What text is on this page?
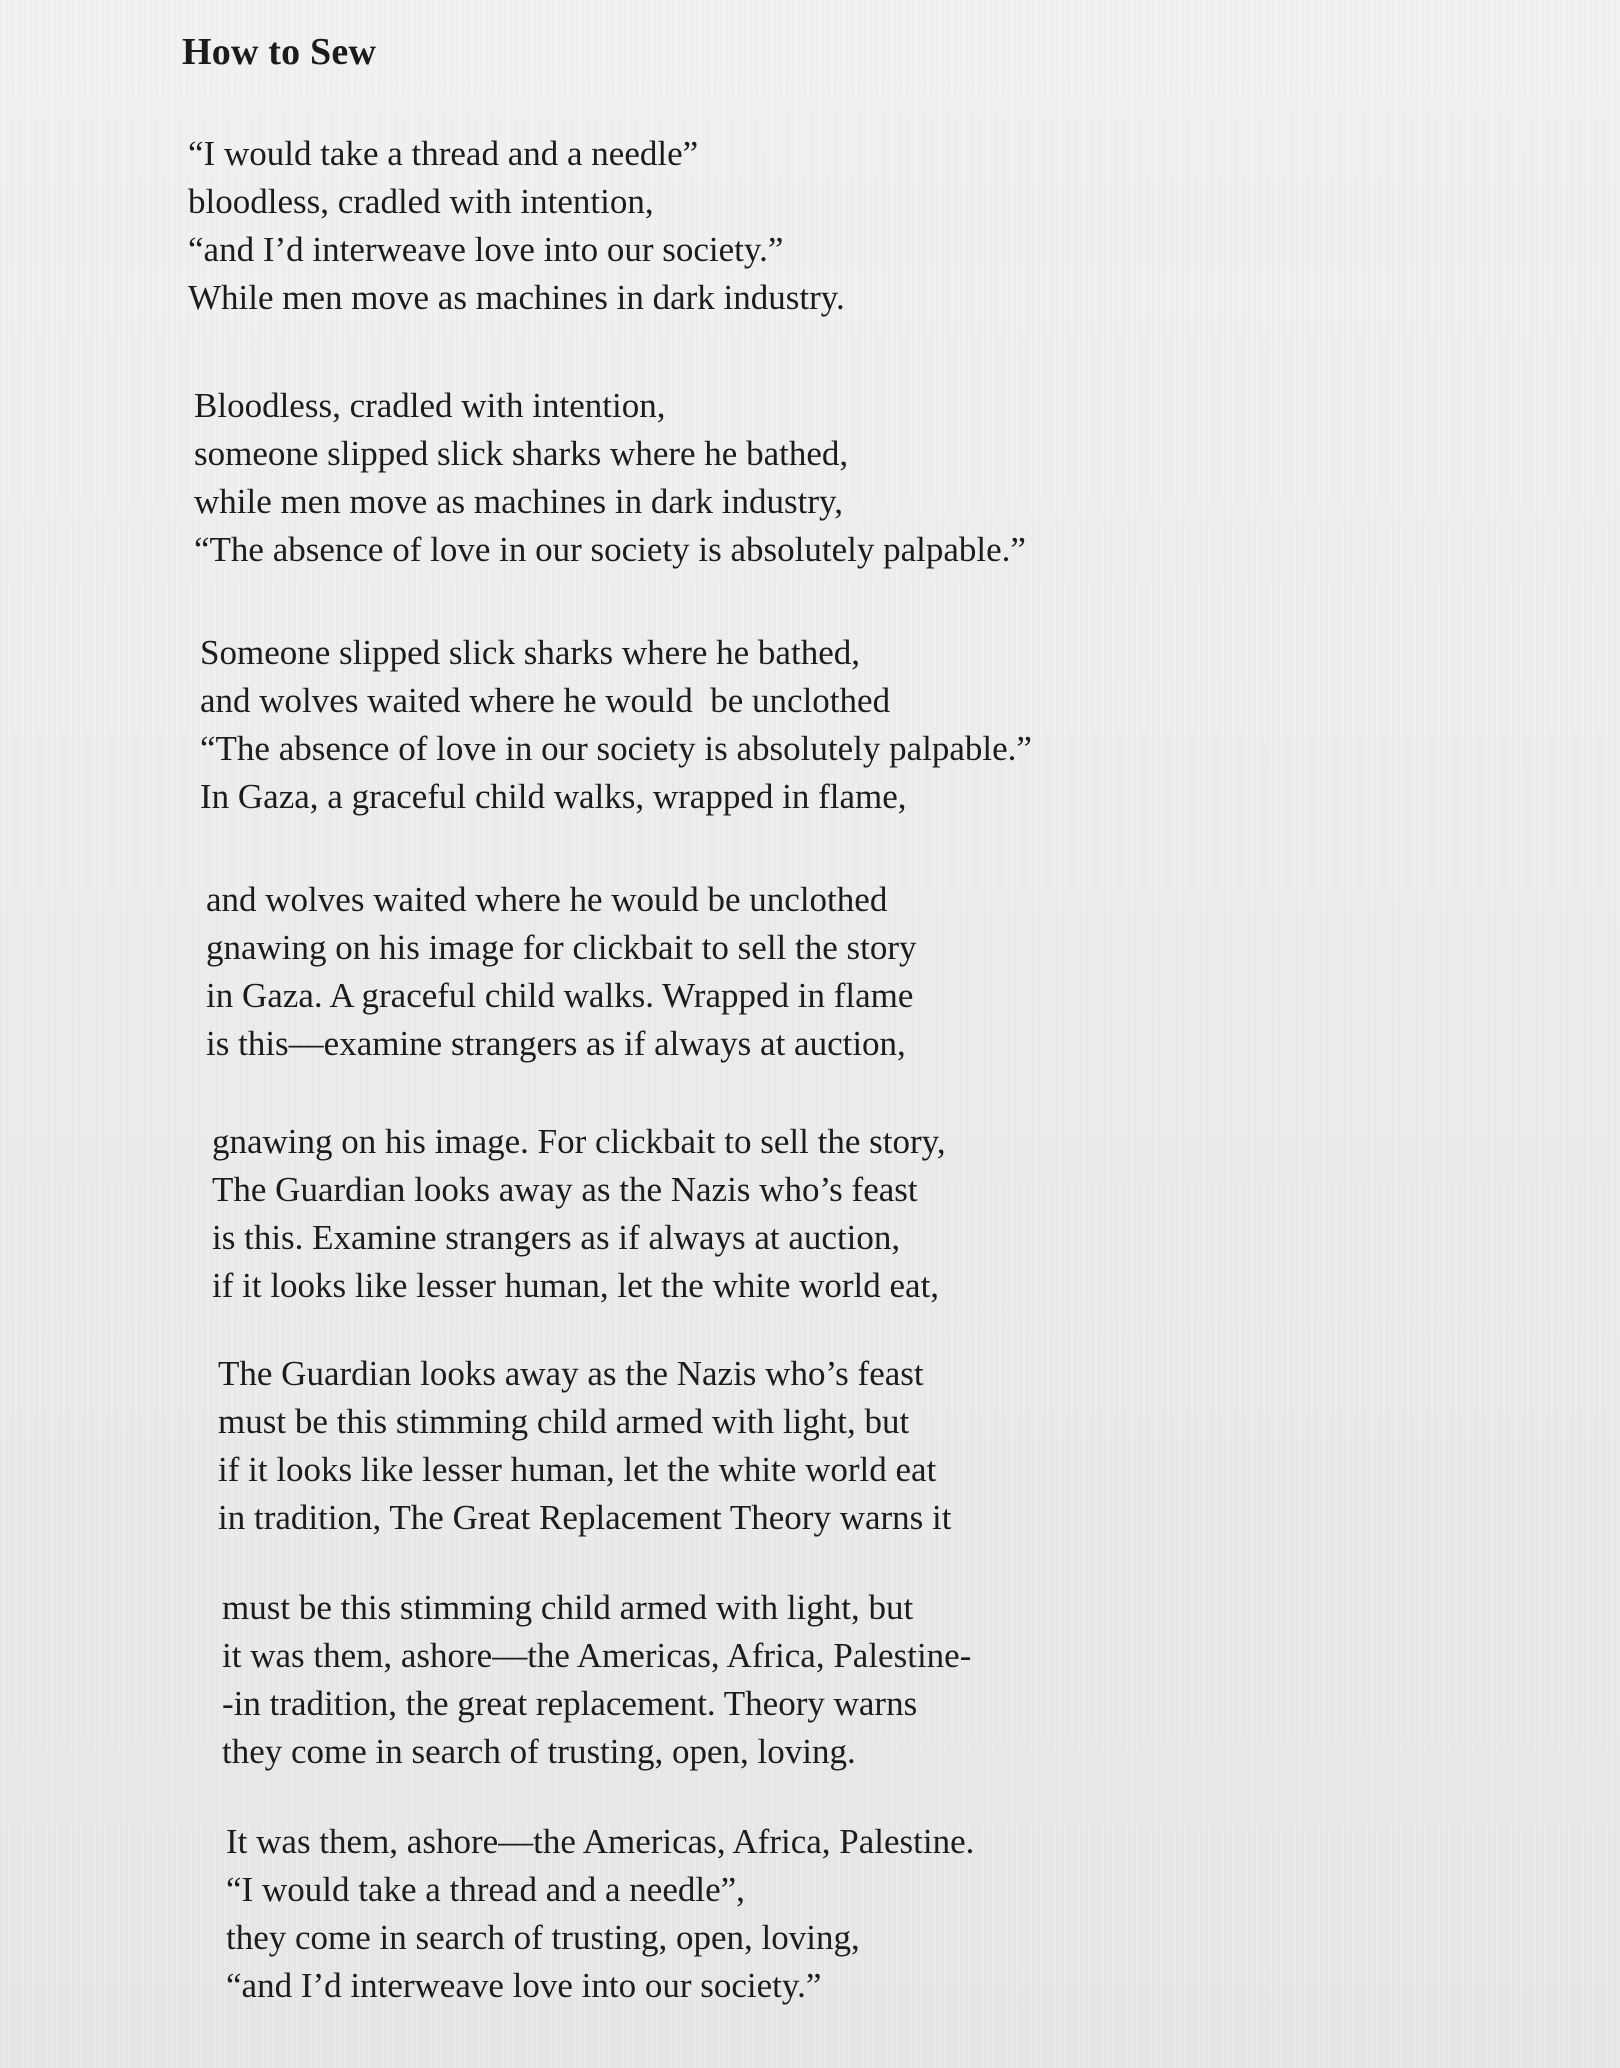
How to Sew
“I would take a thread and a needle”
bloodless, cradled with intention,
“and I’d interweave love into our society.”
While men move as machines in dark industry.
Bloodless, cradled with intention,
someone slipped slick sharks where he bathed,
while men move as machines in dark industry,
“The absence of love in our society is absolutely palpable.”
Someone slipped slick sharks where he bathed,
and wolves waited where he would  be unclothed
“The absence of love in our society is absolutely palpable.”
In Gaza, a graceful child walks, wrapped in flame,
and wolves waited where he would be unclothed
gnawing on his image for clickbait to sell the story
in Gaza. A graceful child walks. Wrapped in flame
is this—examine strangers as if always at auction,
gnawing on his image. For clickbait to sell the story,
The Guardian looks away as the Nazis who’s feast
is this. Examine strangers as if always at auction,
if it looks like lesser human, let the white world eat,
The Guardian looks away as the Nazis who’s feast
must be this stimming child armed with light, but
if it looks like lesser human, let the white world eat
in tradition, The Great Replacement Theory warns it
must be this stimming child armed with light, but
it was them, ashore—the Americas, Africa, Palestine-
-in tradition, the great replacement. Theory warns
they come in search of trusting, open, loving.
It was them, ashore—the Americas, Africa, Palestine.
“I would take a thread and a needle”,
they come in search of trusting, open, loving,
“and I’d interweave love into our society.”
